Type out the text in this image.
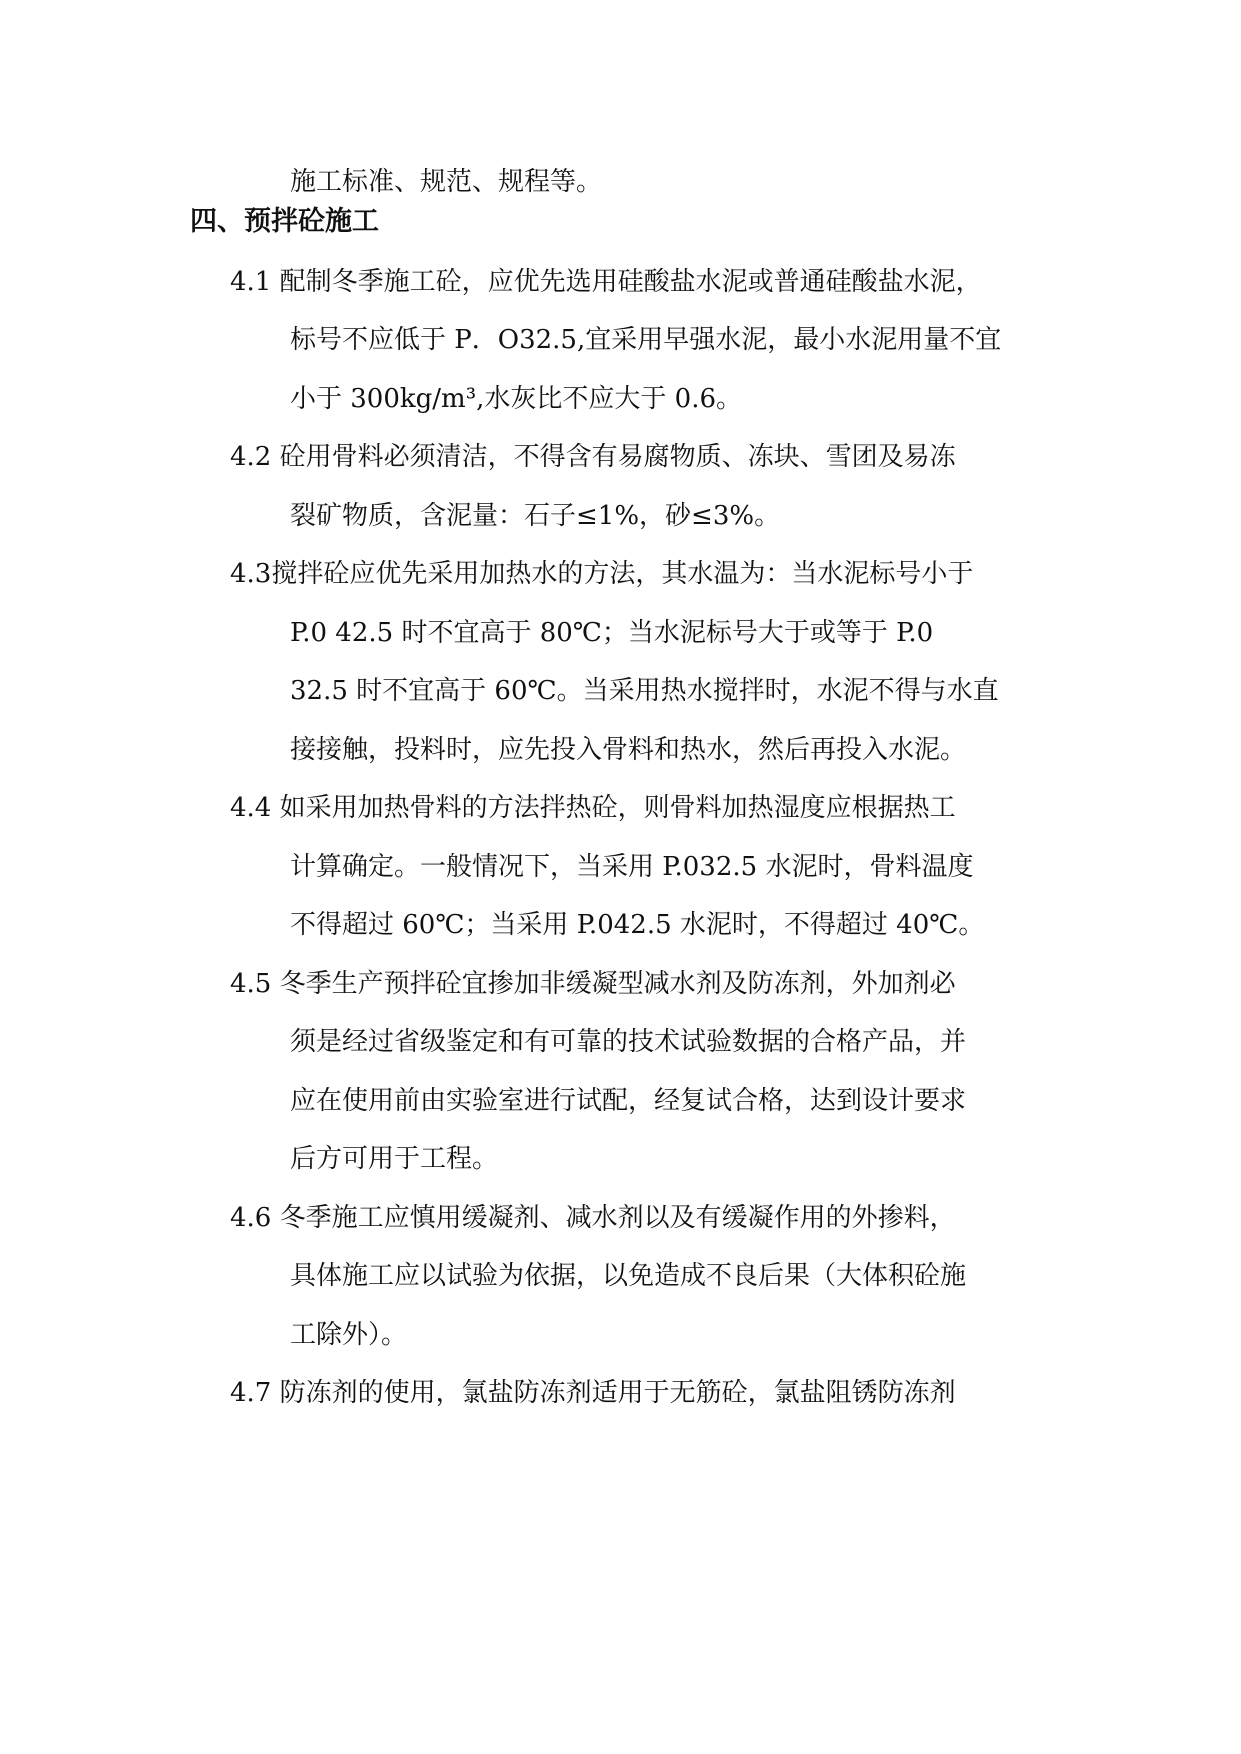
施工标准、规范、规程等。
四、预拌砼施工
4.1 配制冬季施工砼，应优先选用硅酸盐水泥或普通硅酸盐水泥，
标号不应低于 P．O32.5,宜采用早强水泥，最小水泥用量不宜
小于 300kg/m³,水灰比不应大于 0.6。
4.2 砼用骨料必须清洁，不得含有易腐物质、冻块、雪团及易冻
裂矿物质，含泥量：石子≤1%，砂≤3%。
4.3搅拌砼应优先采用加热水的方法，其水温为：当水泥标号小于
P.0 42.5 时不宜高于 80℃；当水泥标号大于或等于 P.0
32.5 时不宜高于 60℃。当采用热水搅拌时，水泥不得与水直
接接触，投料时，应先投入骨料和热水，然后再投入水泥。
4.4 如采用加热骨料的方法拌热砼，则骨料加热湿度应根据热工
计算确定。一般情况下，当采用 P.032.5 水泥时，骨料温度
不得超过 60℃；当采用 P.042.5 水泥时，不得超过 40℃。
4.5 冬季生产预拌砼宜掺加非缓凝型减水剂及防冻剂，外加剂必
须是经过省级鉴定和有可靠的技术试验数据的合格产品，并
应在使用前由实验室进行试配，经复试合格，达到设计要求
后方可用于工程。
4.6 冬季施工应慎用缓凝剂、减水剂以及有缓凝作用的外掺料，
具体施工应以试验为依据，以免造成不良后果（大体积砼施
工除外）。
4.7 防冻剂的使用，氯盐防冻剂适用于无筋砼，氯盐阻锈防冻剂
